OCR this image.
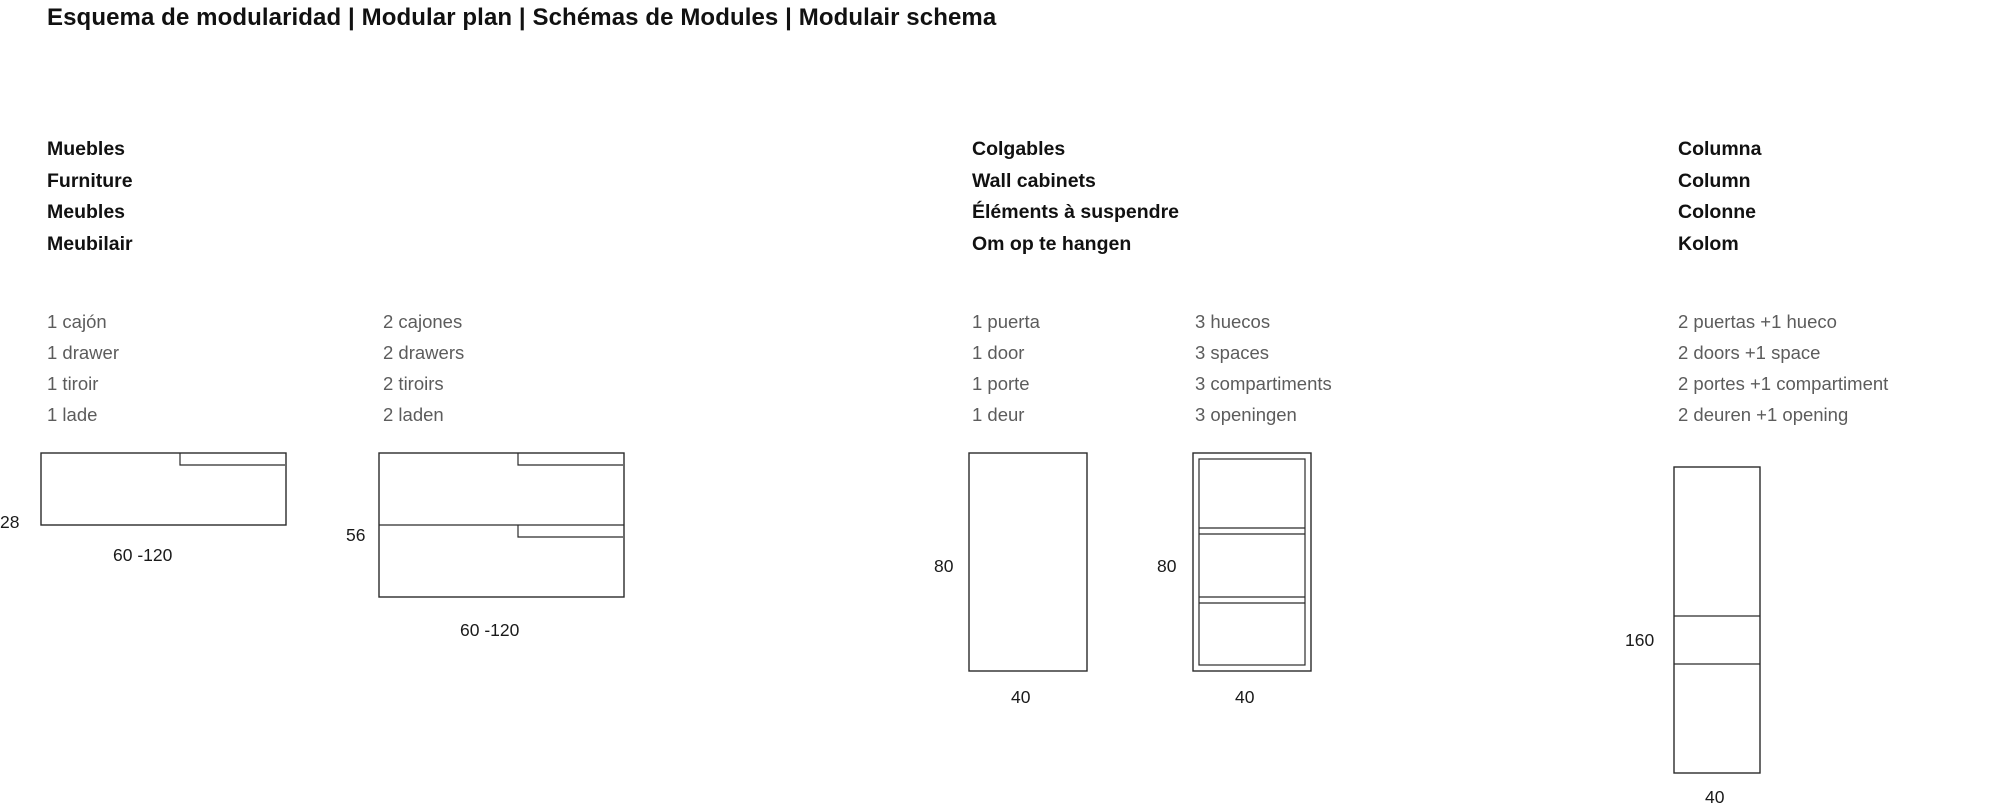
Esquema de modularidad | Modular plan | Schémas de Modules | Modulair schema
Muebles
Furniture
Meubles
Meubilair
Colgables
Wall cabinets
Éléments à suspendre
Om op te hangen
Columna
Column
Colonne
Kolom
1 cajón
1 drawer
1 tiroir
1 lade
2 cajones
2 drawers
2 tiroirs
2 laden
1 puerta
1 door
1 porte
1 deur
3 huecos
3 spaces
3 compartiments
3 openingen
2 puertas +1 hueco
2 doors +1 space
2 portes +1 compartiment
2 deuren +1 opening
28
60 -120
56
60 -120
80
40
80
40
160
40
